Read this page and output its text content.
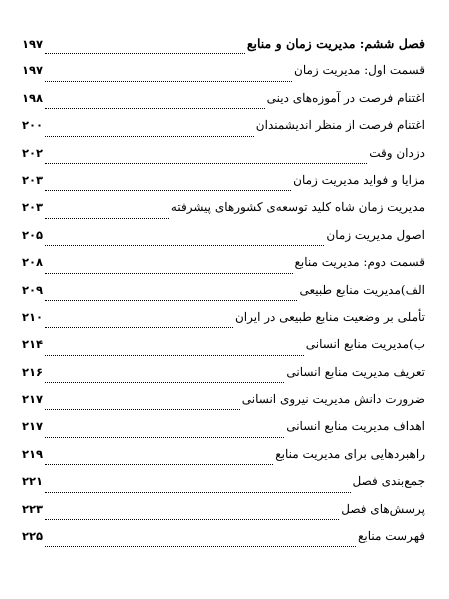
فصل ششم: مدیریت زمان و منابع
۱۹۷
قسمت اول: مدیریت زمان
۱۹۷
اغتنام فرصت در آموزه‌های دینی
۱۹۸
اغتنام فرصت از منظر اندیشمندان
۲۰۰
دزدان وقت
۲۰۲
مزایا و فواید مدیریت زمان
۲۰۳
مدیریت زمان شاه کلید توسعه‌ی کشورهای پیشرفته
۲۰۳
اصول مدیریت زمان
۲۰۵
قسمت دوم: مدیریت منابع
۲۰۸
الف)مدیریت منابع طبیعی
۲۰۹
تأملی بر وضعیت منابع طبیعی در ایران
۲۱۰
ب)مدیریت منابع انسانی
۲۱۴
تعریف مدیریت منابع انسانی
۲۱۶
ضرورت دانش مدیریت نیروی انسانی
۲۱۷
اهداف مدیریت منابع انسانی
۲۱۷
راهبردهایی برای مدیریت منابع
۲۱۹
جمع‌بندی فصل
۲۲۱
پرسش‌های فصل
۲۲۳
فهرست منابع
۲۲۵
